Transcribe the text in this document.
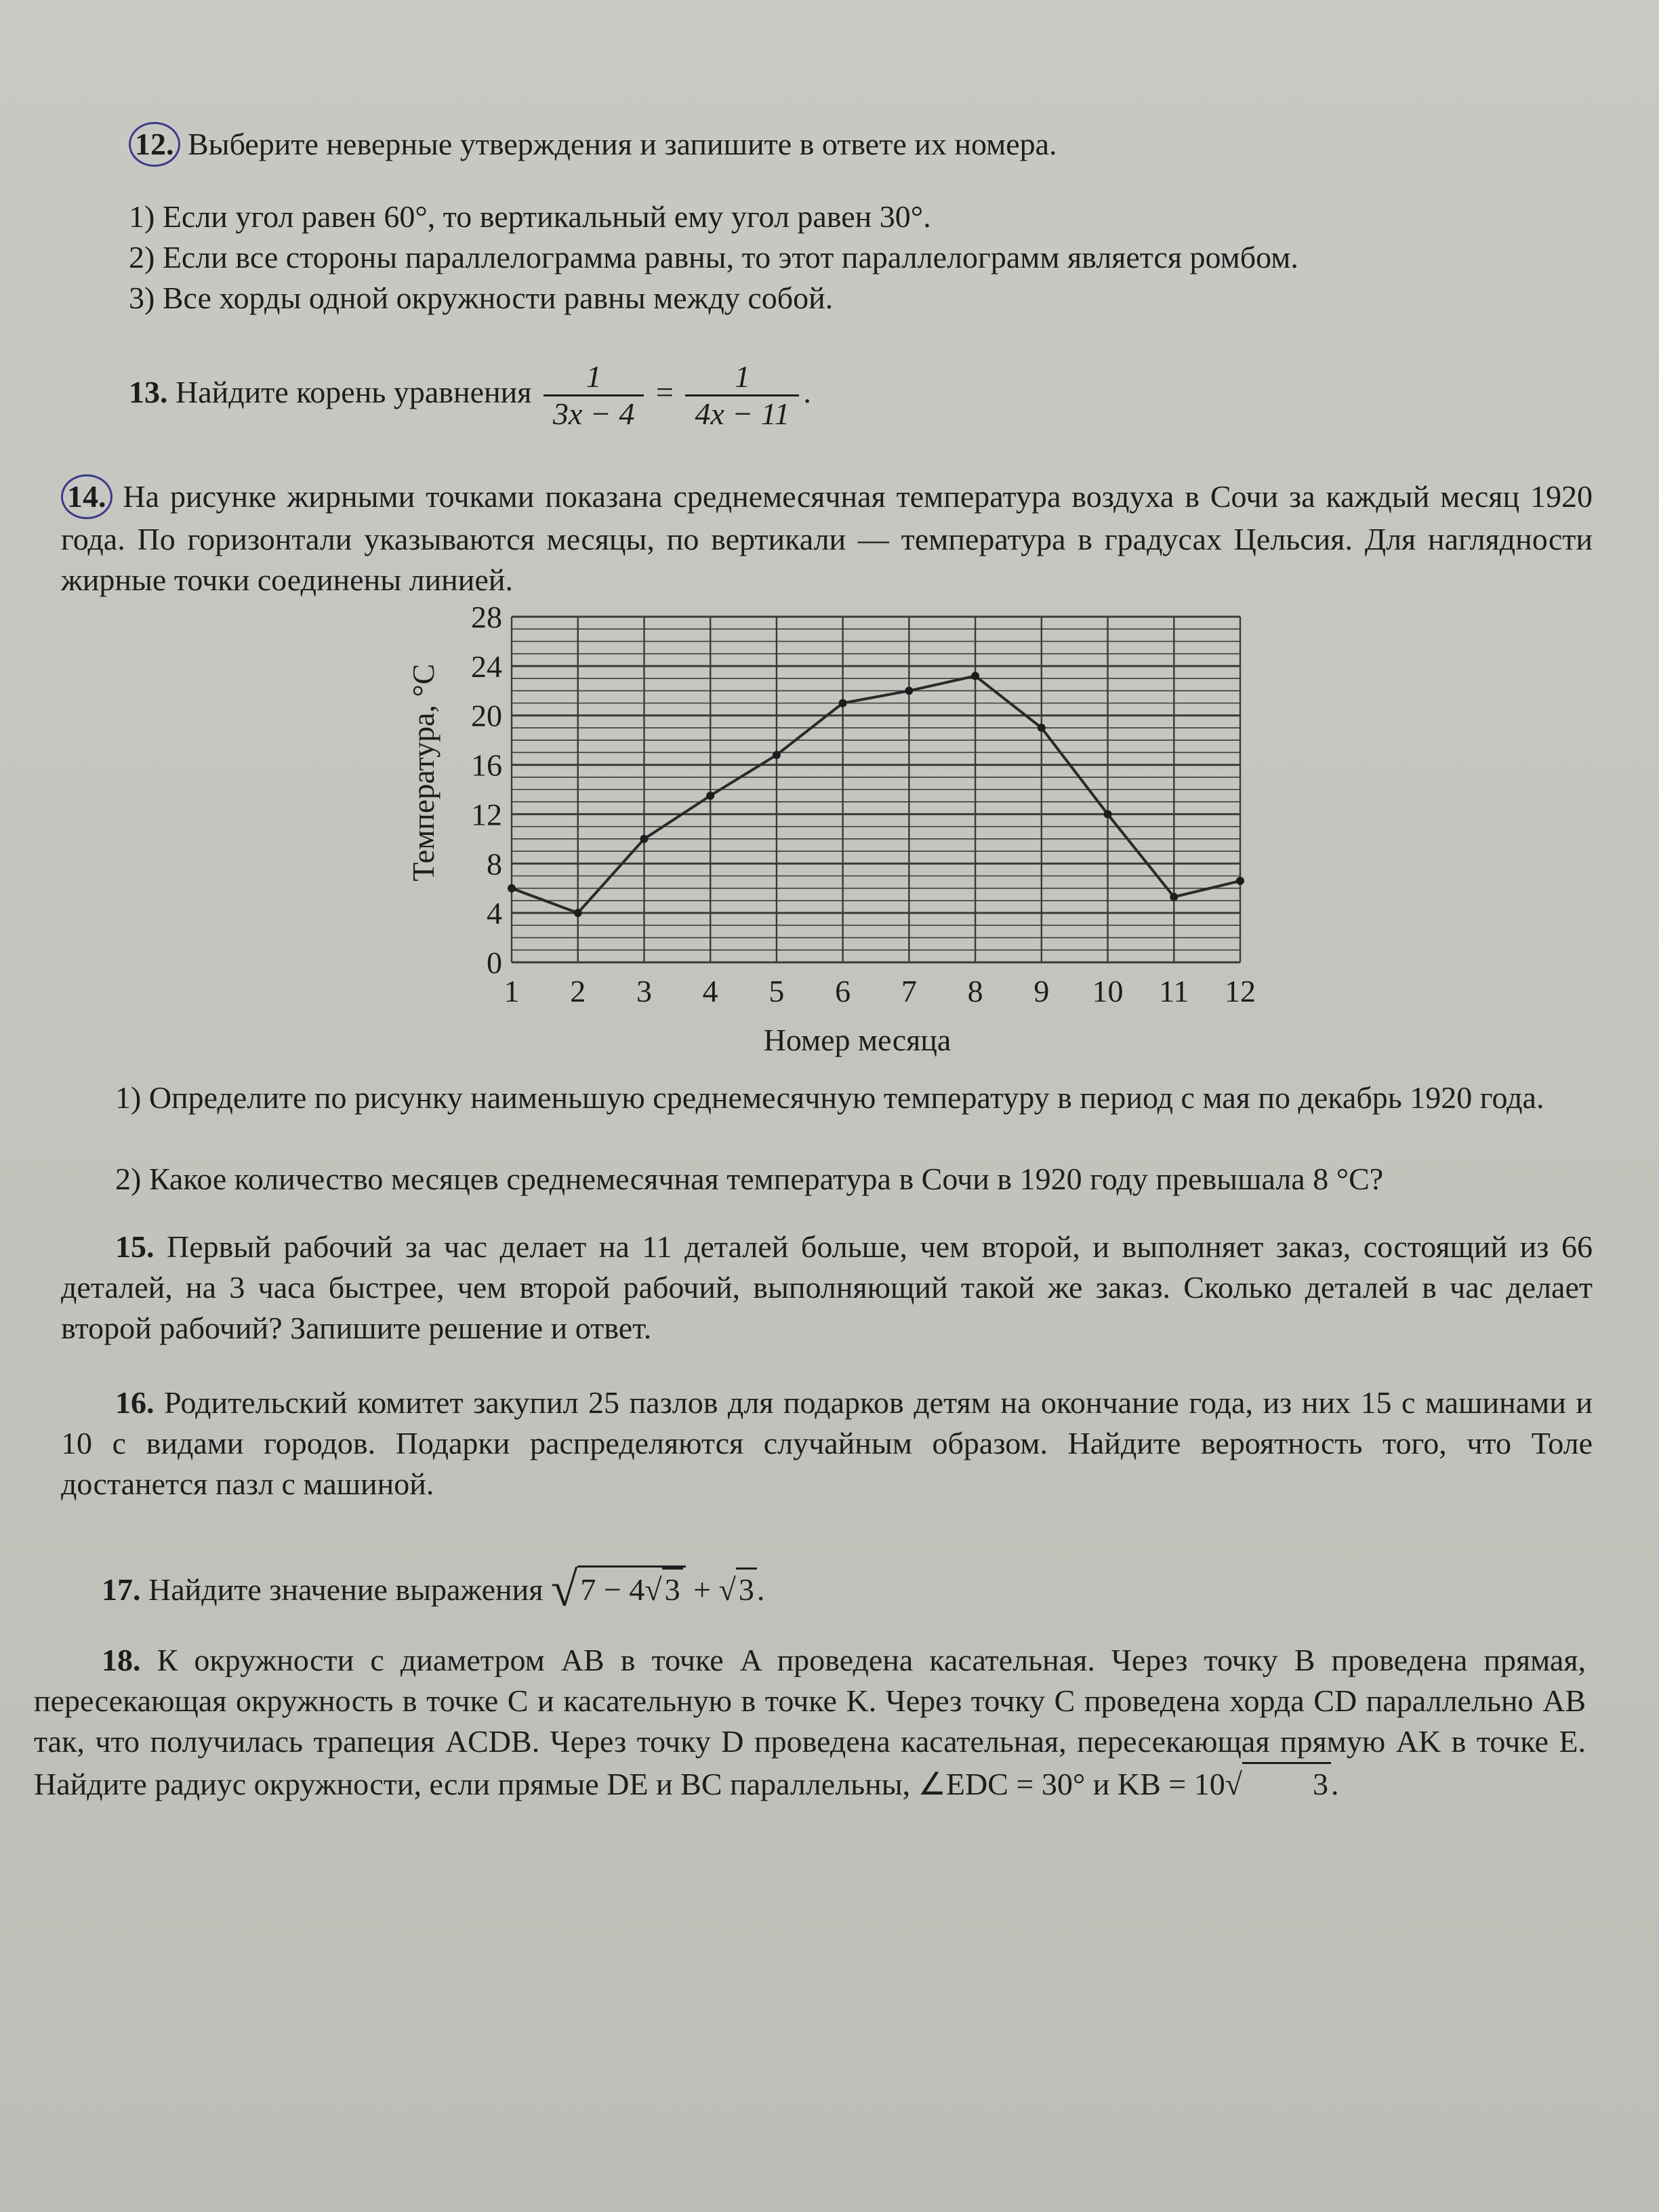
12. Выберите неверные утверждения и запишите в ответе их номера.
1) Если угол равен 60°, то вертикальный ему угол равен 30°.
2) Если все стороны параллелограмма равны, то этот параллелограмм является ромбом.
3) Все хорды одной окружности равны между собой.
13. Найдите корень уравнения $\frac{1}{3x - 4} = \frac{1}{4x - 11}$ .
14. На рисунке жирными точками показана среднемесячная температура воздуха в Сочи за каждый месяц 1920 года. По горизонтали указываются месяцы, по вертикали — температура в градусах Цельсия. Для наглядности жирные точки соединены линией.
0
4
8
12
16
20
24
28
1 2 3 4 5 6 7 8 9 10 11 12
Температура, °С
Номер месяца
1) Определите по рисунку наименьшую среднемесячную температуру в период с мая по декабрь 1920 года.
2) Какое количество месяцев среднемесячная температура в Сочи в 1920 году превышала 8 °С?
15. Первый рабочий за час делает на 11 деталей больше, чем второй, и выполняет заказ, состоящий из 66 деталей, на 3 часа быстрее, чем второй рабочий, выполняющий такой же заказ. Сколько деталей в час делает второй рабочий? Запишите решение и ответ.
16. Родительский комитет закупил 25 пазлов для подарков детям на окончание года, из них 15 с машинами и 10 с видами городов. Подарки распределяются случайным образом. Найдите вероятность того, что Толе достанется пазл с машиной.
17. Найдите значение выражения √7 − 4√3 + √3.
18. К окружности с диаметром AB в точке A проведена касательная. Через точку B проведена прямая, пересекающая окружность в точке C и касательную в точке K. Через точку C проведена хорда CD параллельно AB так, что получилась трапеция ACDB. Через точку D проведена касательная, пересекающая прямую AK в точке E. Найдите радиус окружности, если прямые DE и BC параллельны, ∠EDC = 30° и KB = 10√ 3.
